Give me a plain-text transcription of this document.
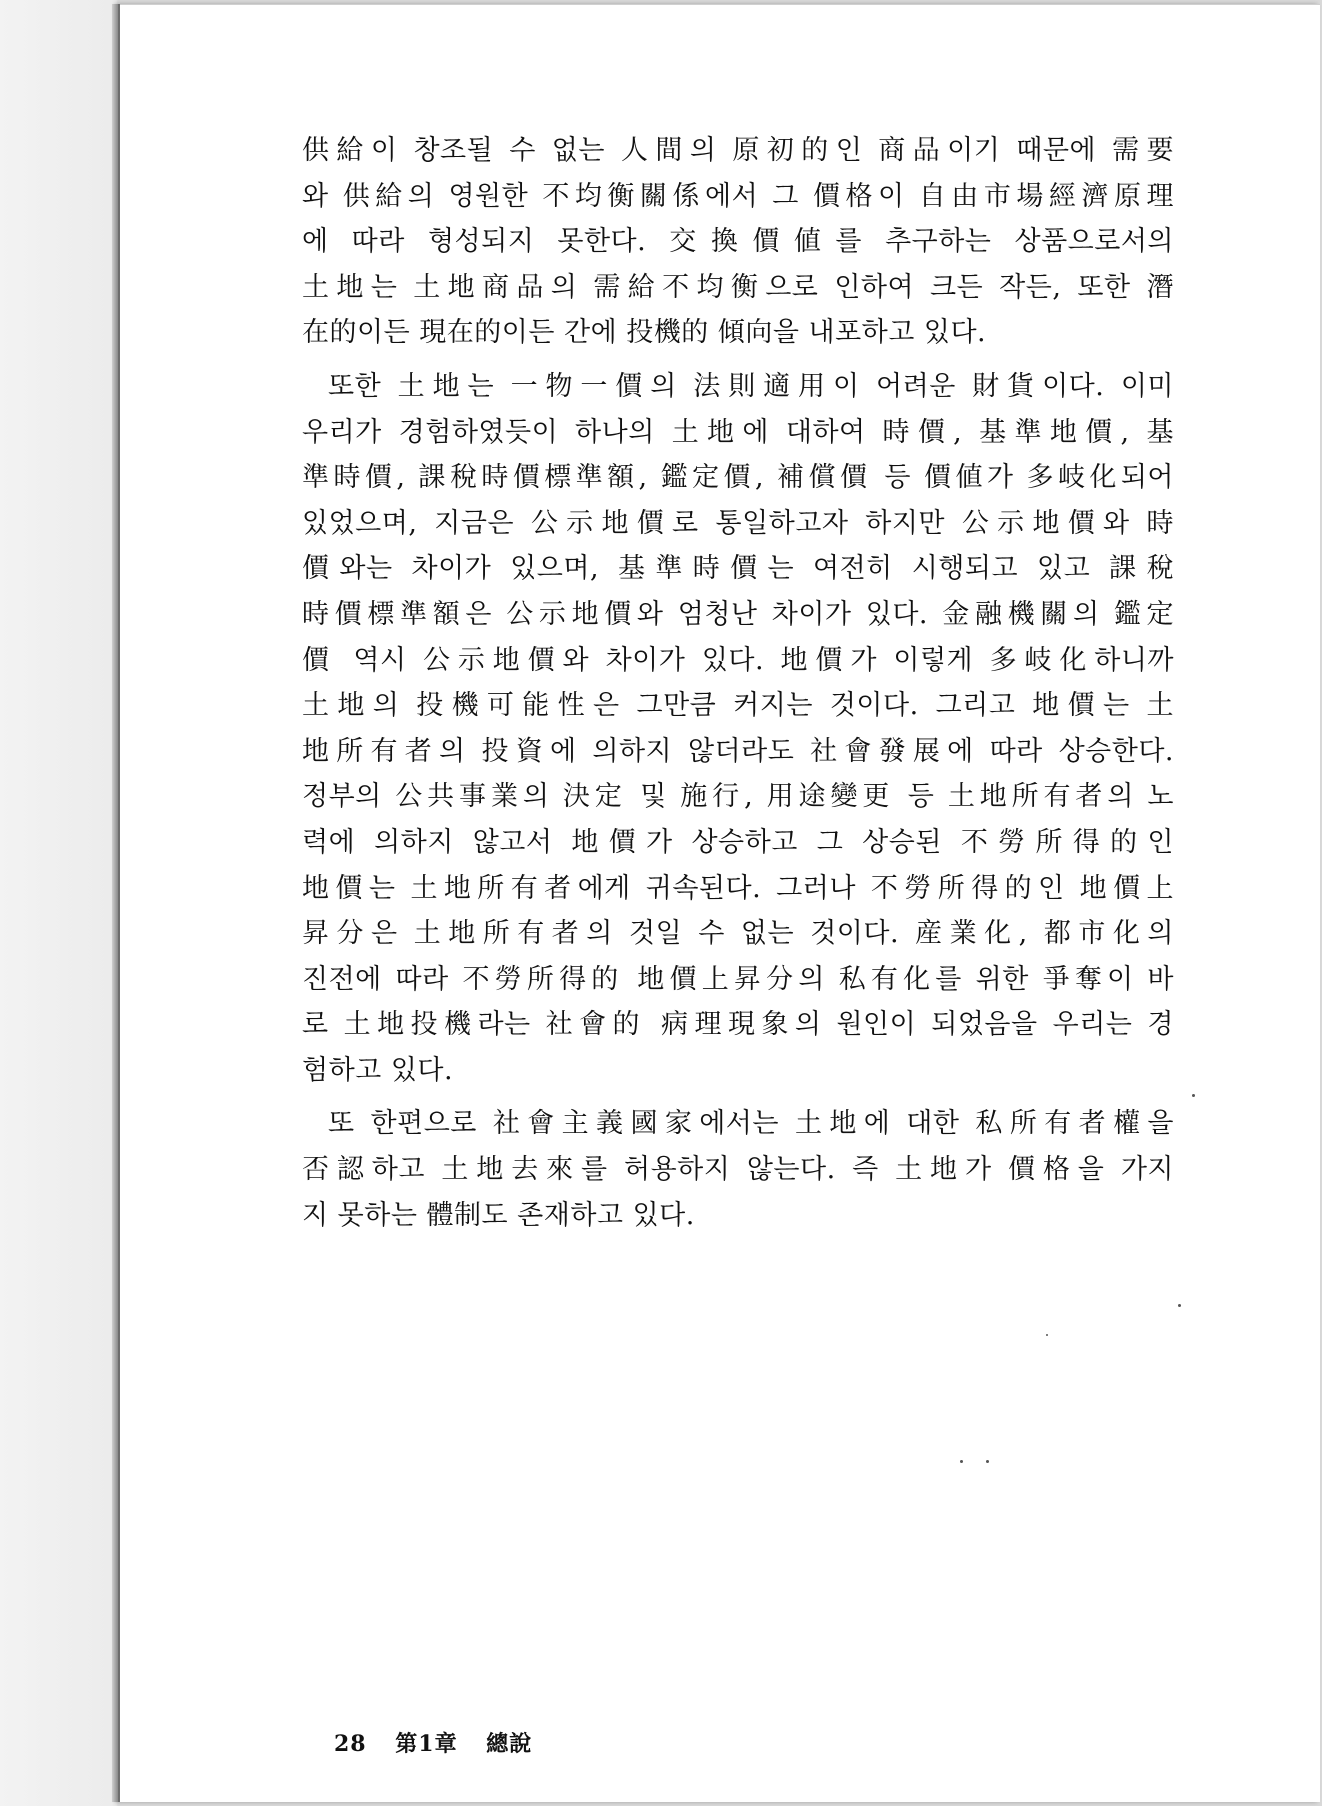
供給이 창조될 수 없는 人間의 原初的인 商品이기 때문에 需要
와 供給의 영원한 不均衡關係에서 그 價格이 自由市場經濟原理
에 따라 형성되지 못한다. 交換價値를 추구하는 상품으로서의
土地는 土地商品의 需給不均衡으로 인하여 크든 작든, 또한 潛
在的이든 現在的이든 간에 投機的 傾向을 내포하고 있다.
또한 土地는 一物一價의 法則適用이 어려운 財貨이다. 이미
우리가 경험하였듯이 하나의 土地에 대하여 時價, 基準地價, 基
準時價, 課稅時價標準額, 鑑定價, 補償價 등 價値가 多岐化되어
있었으며, 지금은 公示地價로 통일하고자 하지만 公示地價와 時
價와는 차이가 있으며, 基準時價는 여전히 시행되고 있고 課稅
時價標準額은 公示地價와 엄청난 차이가 있다. 金融機關의 鑑定
價 역시 公示地價와 차이가 있다. 地價가 이렇게 多岐化하니까
土地의 投機可能性은 그만큼 커지는 것이다. 그리고 地價는 土
地所有者의 投資에 의하지 않더라도 社會發展에 따라 상승한다.
정부의 公共事業의 決定 및 施行, 用途變更 등 土地所有者의 노
력에 의하지 않고서 地價가 상승하고 그 상승된 不勞所得的인
地價는 土地所有者에게 귀속된다. 그러나 不勞所得的인 地價上
昇分은 土地所有者의 것일 수 없는 것이다. 産業化, 都市化의
진전에 따라 不勞所得的 地價上昇分의 私有化를 위한 爭奪이 바
로 土地投機라는 社會的 病理現象의 원인이 되었음을 우리는 경
험하고 있다.
또 한편으로 社會主義國家에서는 土地에 대한 私所有者權을
否認하고 土地去來를 허용하지 않는다. 즉 土地가 價格을 가지
지 못하는 體制도 존재하고 있다.
28 第1章 總說
